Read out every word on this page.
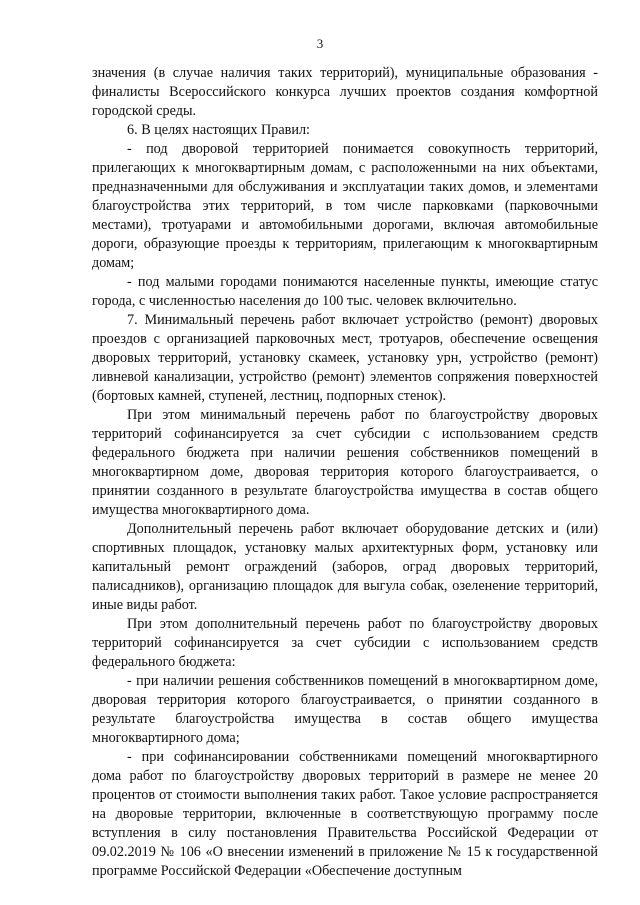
3

значения (в случае наличия таких территорий), муниципальные образования - финалисты Всероссийского конкурса лучших проектов создания комфортной городской среды.

6. В целях настоящих Правил:

- под дворовой территорией понимается совокупность территорий, прилегающих к многоквартирным домам, с расположенными на них объектами, предназначенными для обслуживания и эксплуатации таких домов, и элементами благоустройства этих территорий, в том числе парковками (парковочными местами), тротуарами и автомобильными дорогами, включая автомобильные дороги, образующие проезды к территориям, прилегающим к многоквартирным домам;

- под малыми городами понимаются населенные пункты, имеющие статус города, с численностью населения до 100 тыс. человек включительно.

7. Минимальный перечень работ включает устройство (ремонт) дворовых проездов с организацией парковочных мест, тротуаров, обеспечение освещения дворовых территорий, установку скамеек, установку урн, устройство (ремонт) ливневой канализации, устройство (ремонт) элементов сопряжения поверхностей (бортовых камней, ступеней, лестниц, подпорных стенок).

При этом минимальный перечень работ по благоустройству дворовых территорий софинансируется за счет субсидии с использованием средств федерального бюджета при наличии решения собственников помещений в многоквартирном доме, дворовая территория которого благоустраивается, о принятии созданного в результате благоустройства имущества в состав общего имущества многоквартирного дома.

Дополнительный перечень работ включает оборудование детских и (или) спортивных площадок, установку малых архитектурных форм, установку или капитальный ремонт ограждений (заборов, оград дворовых территорий, палисадников), организацию площадок для выгула собак, озеленение территорий, иные виды работ.

При этом дополнительный перечень работ по благоустройству дворовых территорий софинансируется за счет субсидии с использованием средств федерального бюджета:

- при наличии решения собственников помещений в многоквартирном доме, дворовая территория которого благоустраивается, о принятии созданного в результате благоустройства имущества в состав общего имущества многоквартирного дома;

- при софинансировании собственниками помещений многоквартирного дома работ по благоустройству дворовых территорий в размере не менее 20 процентов от стоимости выполнения таких работ. Такое условие распространяется на дворовые территории, включенные в соответствующую программу после вступления в силу постановления Правительства Российской Федерации от 09.02.2019 № 106 «О внесении изменений в приложение № 15 к государственной программе Российской Федерации «Обеспечение доступным
